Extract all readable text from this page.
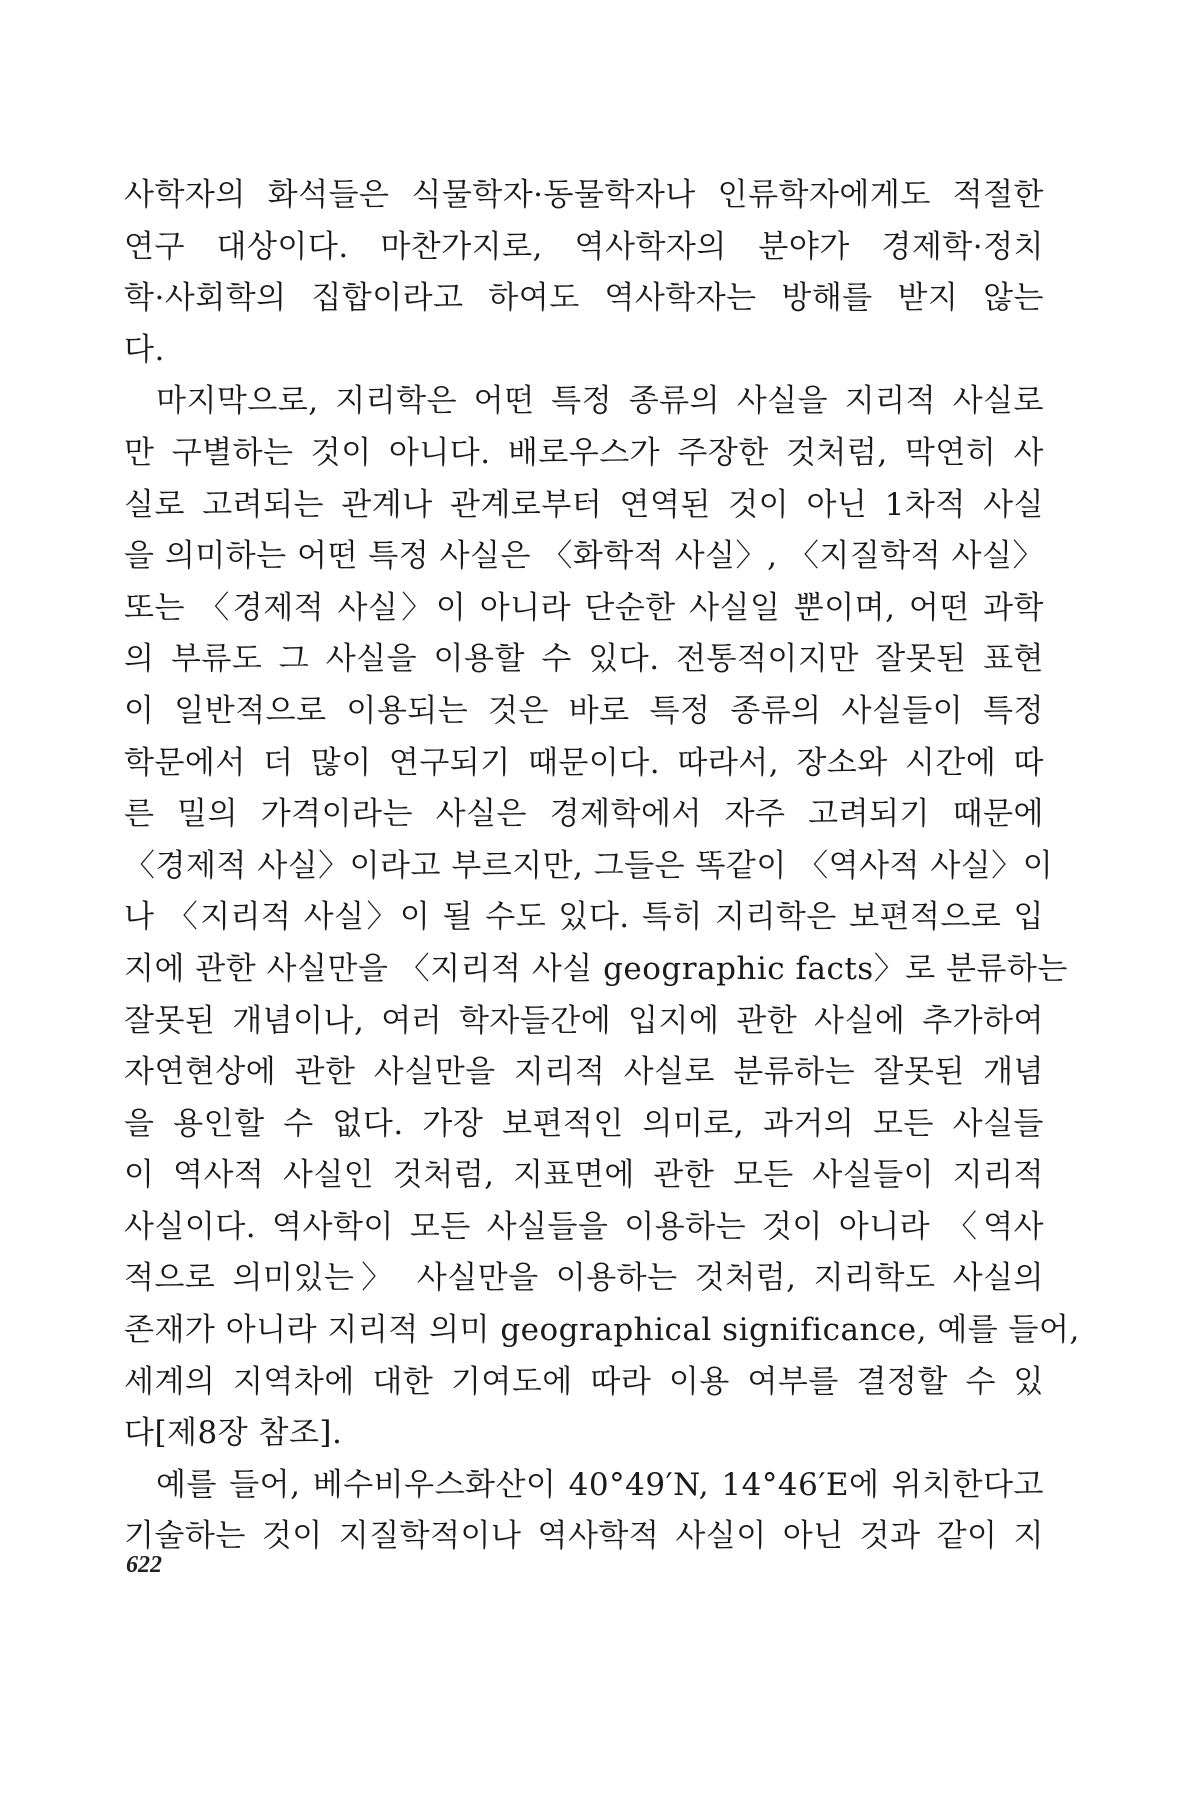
사학자의 화석들은 식물학자·동물학자나 인류학자에게도 적절한
연구 대상이다. 마찬가지로, 역사학자의 분야가 경제학·정치
학·사회학의 집합이라고 하여도 역사학자는 방해를 받지 않는
다.
마지막으로, 지리학은 어떤 특정 종류의 사실을 지리적 사실로
만 구별하는 것이 아니다. 배로우스가 주장한 것처럼, 막연히 사
실로 고려되는 관계나 관계로부터 연역된 것이 아닌 1차적 사실
을 의미하는 어떤 특정 사실은 〈화학적 사실〉, 〈지질학적 사실〉
또는 〈경제적 사실〉이 아니라 단순한 사실일 뿐이며, 어떤 과학
의 부류도 그 사실을 이용할 수 있다. 전통적이지만 잘못된 표현
이 일반적으로 이용되는 것은 바로 특정 종류의 사실들이 특정
학문에서 더 많이 연구되기 때문이다. 따라서, 장소와 시간에 따
른 밀의 가격이라는 사실은 경제학에서 자주 고려되기 때문에
〈경제적 사실〉이라고 부르지만, 그들은 똑같이 〈역사적 사실〉이
나 〈지리적 사실〉이 될 수도 있다. 특히 지리학은 보편적으로 입
지에 관한 사실만을 〈지리적 사실 geographic facts〉로 분류하는
잘못된 개념이나, 여러 학자들간에 입지에 관한 사실에 추가하여
자연현상에 관한 사실만을 지리적 사실로 분류하는 잘못된 개념
을 용인할 수 없다. 가장 보편적인 의미로, 과거의 모든 사실들
이 역사적 사실인 것처럼, 지표면에 관한 모든 사실들이 지리적
사실이다. 역사학이 모든 사실들을 이용하는 것이 아니라 〈역사
적으로 의미있는〉 사실만을 이용하는 것처럼, 지리학도 사실의
존재가 아니라 지리적 의미 geographical significance, 예를 들어,
세계의 지역차에 대한 기여도에 따라 이용 여부를 결정할 수 있
다[제8장 참조].
예를 들어, 베수비우스화산이 40°49′N, 14°46′E에 위치한다고
기술하는 것이 지질학적이나 역사학적 사실이 아닌 것과 같이 지
622
